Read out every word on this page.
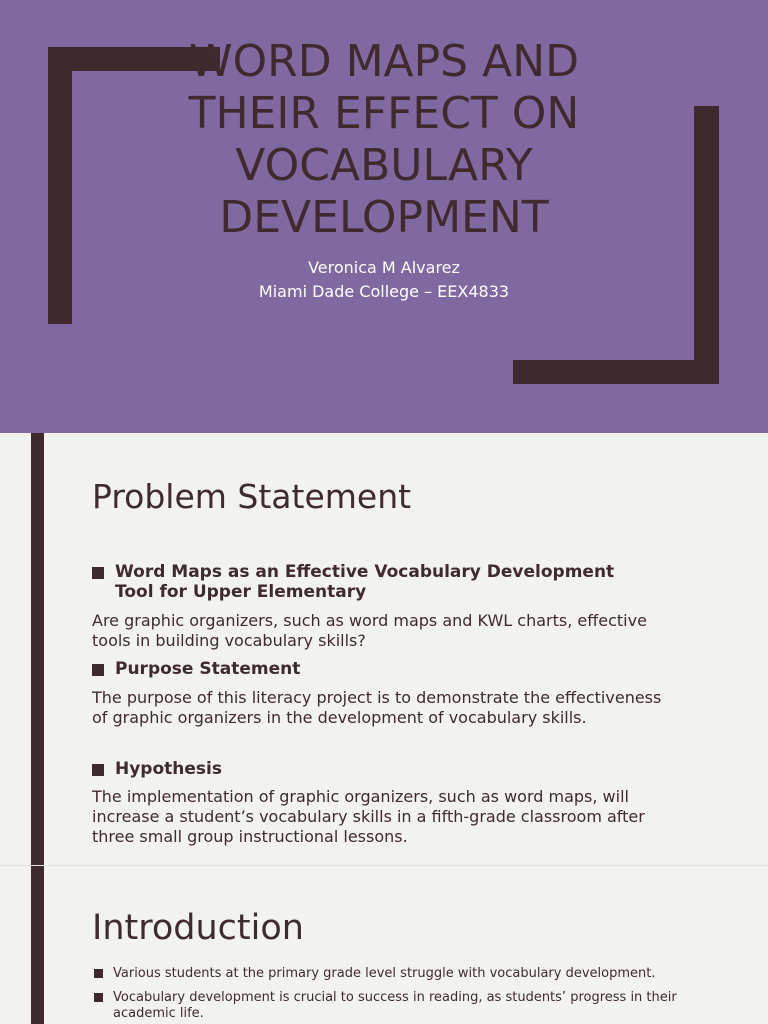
WORD MAPS AND THEIR EFFECT ON VOCABULARY DEVELOPMENT
Veronica M Alvarez
Miami Dade College – EEX4833
Problem Statement
Word Maps as an Effective Vocabulary Development Tool for Upper Elementary
Are graphic organizers, such as word maps and KWL charts, effective tools in building vocabulary skills?
Purpose Statement
The purpose of this literacy project is to demonstrate the effectiveness of graphic organizers in the development of vocabulary skills.
Hypothesis
The implementation of graphic organizers, such as word maps, will increase a student’s vocabulary skills in a fifth-grade classroom after three small group instructional lessons.
Introduction
Various students at the primary grade level struggle with vocabulary development.
Vocabulary development is crucial to success in reading, as students’ progress in their academic life.
